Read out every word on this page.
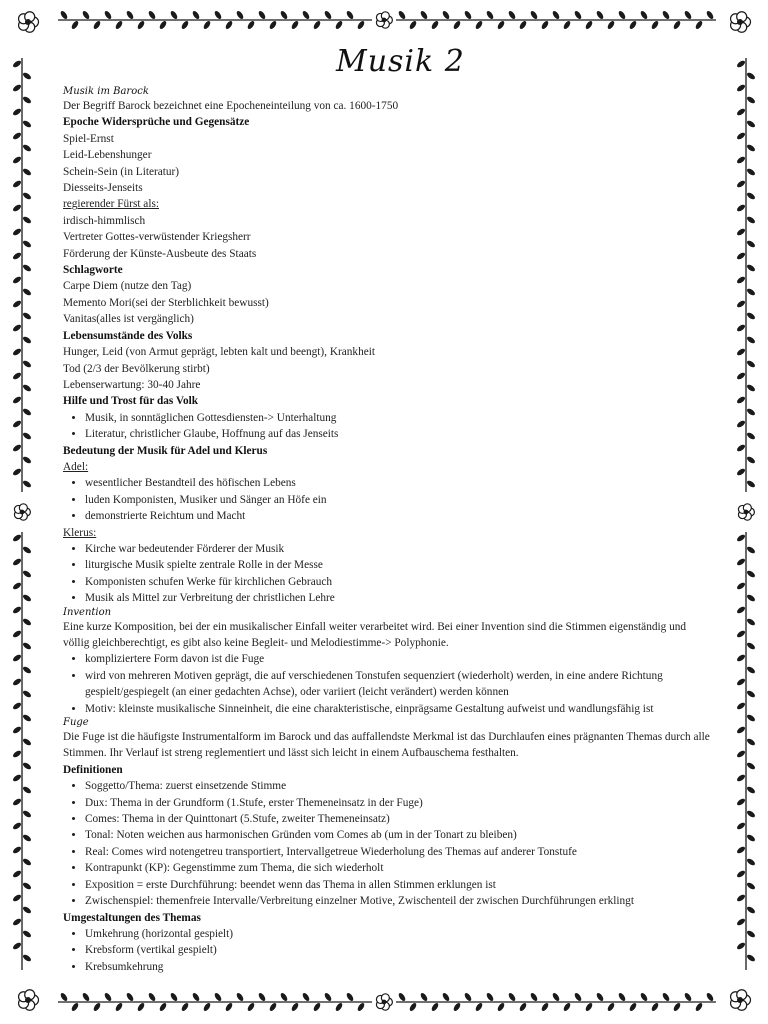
Musik 2

Musik im Barock

Der Begriff Barock bezeichnet eine Epocheneinteilung von ca. 1600-1750

Epoche Widersprüche und Gegensätze

Spiel-Ernst

Leid-Lebenshunger

Schein-Sein (in Literatur)

Diesseits-Jenseits

regierender Fürst als:

irdisch-himmlisch

Vertreter Gottes-verwüstender Kriegsherr

Förderung der Künste-Ausbeute des Staats

Schlagworte

Carpe Diem (nutze den Tag)

Memento Mori(sei der Sterblichkeit bewusst)

Vanitas(alles ist vergänglich)

Lebensumstände des Volks

Hunger, Leid (von Armut geprägt, lebten kalt und beengt), Krankheit

Tod (2/3 der Bevölkerung stirbt)

Lebenserwartung: 30-40 Jahre

Hilfe und Trost für das Volk

• Musik, in sonntäglichen Gottesdiensten-> Unterhaltung
• Literatur, christlicher Glaube, Hoffnung auf das Jenseits

Bedeutung der Musik für Adel und Klerus

Adel:

• wesentlicher Bestandteil des höfischen Lebens
• luden Komponisten, Musiker und Sänger an Höfe ein
• demonstrierte Reichtum und Macht

Klerus:

• Kirche war bedeutender Förderer der Musik
• liturgische Musik spielte zentrale Rolle in der Messe
• Komponisten schufen Werke für kirchlichen Gebrauch
• Musik als Mittel zur Verbreitung der christlichen Lehre

Invention

Eine kurze Komposition, bei der ein musikalischer Einfall weiter verarbeitet wird. Bei einer Invention sind die Stimmen eigenständig und völlig gleichberechtigt, es gibt also keine Begleit- und Melodiestimme-> Polyphonie.

• kompliziertere Form davon ist die Fuge
• wird von mehreren Motiven geprägt, die auf verschiedenen Tonstufen sequenziert (wiederholt) werden, in eine andere Richtung gespielt/gespiegelt (an einer gedachten Achse), oder variiert (leicht verändert) werden können
• Motiv: kleinste musikalische Sinneinheit, die eine charakteristische, einprägsame Gestaltung aufweist und wandlungsfähig ist

Fuge

Die Fuge ist die häufigste Instrumentalform im Barock und das auffallendste Merkmal ist das Durchlaufen eines prägnanten Themas durch alle Stimmen. Ihr Verlauf ist streng reglementiert und lässt sich leicht in einem Aufbauschema festhalten.

Definitionen

• Soggetto/Thema: zuerst einsetzende Stimme
• Dux: Thema in der Grundform (1.Stufe, erster Themeneinsatz in der Fuge)
• Comes: Thema in der Quinttonart (5.Stufe, zweiter Themeneinsatz)
• Tonal: Noten weichen aus harmonischen Gründen vom Comes ab (um in der Tonart zu bleiben)
• Real: Comes wird notengetreu transportiert, Intervallgetreue Wiederholung des Themas auf anderer Tonstufe
• Kontrapunkt (KP): Gegenstimme zum Thema, die sich wiederholt
• Exposition = erste Durchführung: beendet wenn das Thema in allen Stimmen erklungen ist
• Zwischenspiel: themenfreie Intervalle/Verbreitung einzelner Motive, Zwischenteil der zwischen Durchführungen erklingt

Umgestaltungen des Themas

• Umkehrung (horizontal gespielt)
• Krebsform (vertikal gespielt)
• Krebsumkehrung
